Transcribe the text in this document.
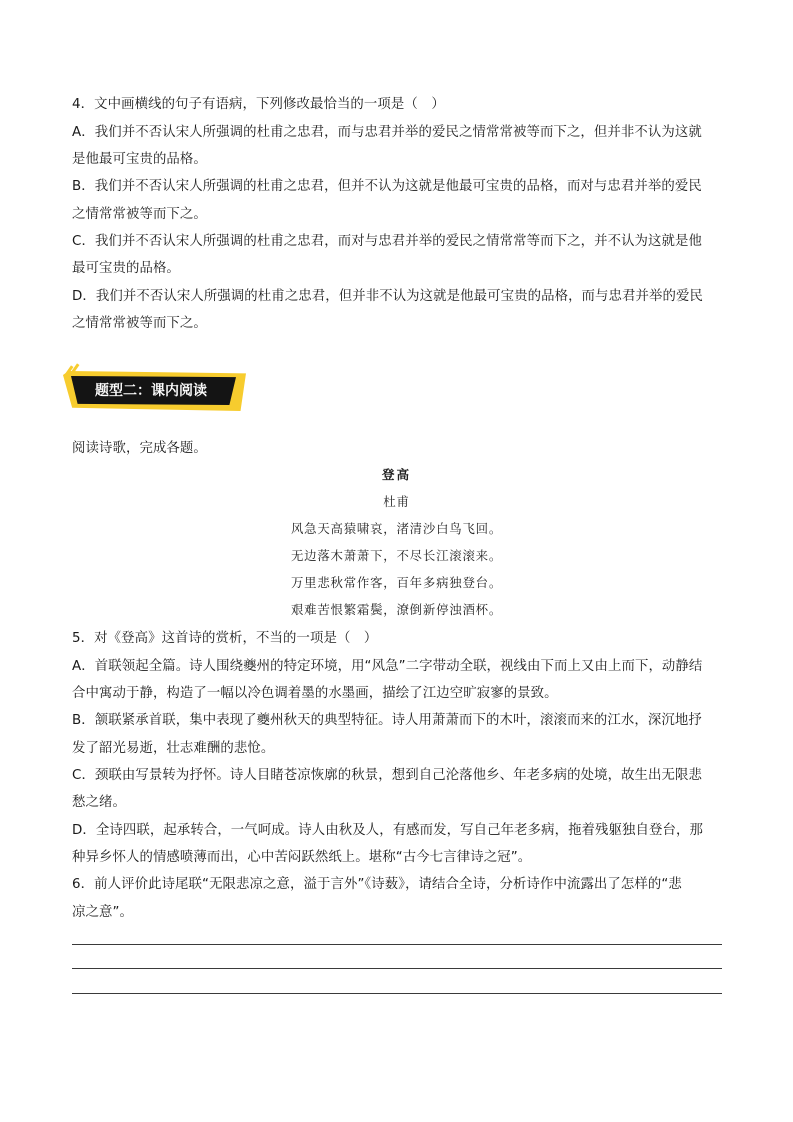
4．文中画横线的句子有语病，下列修改最恰当的一项是（　）
A．我们并不否认宋人所强调的杜甫之忠君，而与忠君并举的爱民之情常常被等而下之，但并非不认为这就
是他最可宝贵的品格。
B．我们并不否认宋人所强调的杜甫之忠君，但并不认为这就是他最可宝贵的品格，而对与忠君并举的爱民
之情常常被等而下之。
C．我们并不否认宋人所强调的杜甫之忠君，而对与忠君并举的爱民之情常常等而下之，并不认为这就是他
最可宝贵的品格。
D．我们并不否认宋人所强调的杜甫之忠君，但并非不认为这就是他最可宝贵的品格，而与忠君并举的爱民
之情常常被等而下之。
题型二：课内阅读
阅读诗歌，完成各题。
登高
杜甫
风急天高猿啸哀，渚清沙白鸟飞回。
无边落木萧萧下，不尽长江滚滚来。
万里悲秋常作客，百年多病独登台。
艰难苦恨繁霜鬓，潦倒新停浊酒杯。
5．对《登高》这首诗的赏析，不当的一项是（　）
A．首联领起全篇。诗人围绕夔州的特定环境，用“风急”二字带动全联，视线由下而上又由上而下，动静结
合中寓动于静，构造了一幅以冷色调着墨的水墨画，描绘了江边空旷寂寥的景致。
B．颔联紧承首联，集中表现了夔州秋天的典型特征。诗人用萧萧而下的木叶，滚滚而来的江水，深沉地抒
发了韶光易逝，壮志难酬的悲怆。
C．颈联由写景转为抒怀。诗人目睹苍凉恢廓的秋景，想到自己沦落他乡、年老多病的处境，故生出无限悲
愁之绪。
D．全诗四联，起承转合，一气呵成。诗人由秋及人，有感而发，写自己年老多病，拖着残躯独自登台，那
种异乡怀人的情感喷薄而出，心中苦闷跃然纸上。堪称“古今七言律诗之冠”。
6．前人评价此诗尾联“无限悲凉之意，溢于言外”《诗薮》，请结合全诗，分析诗作中流露出了怎样的“悲
凉之意”。
